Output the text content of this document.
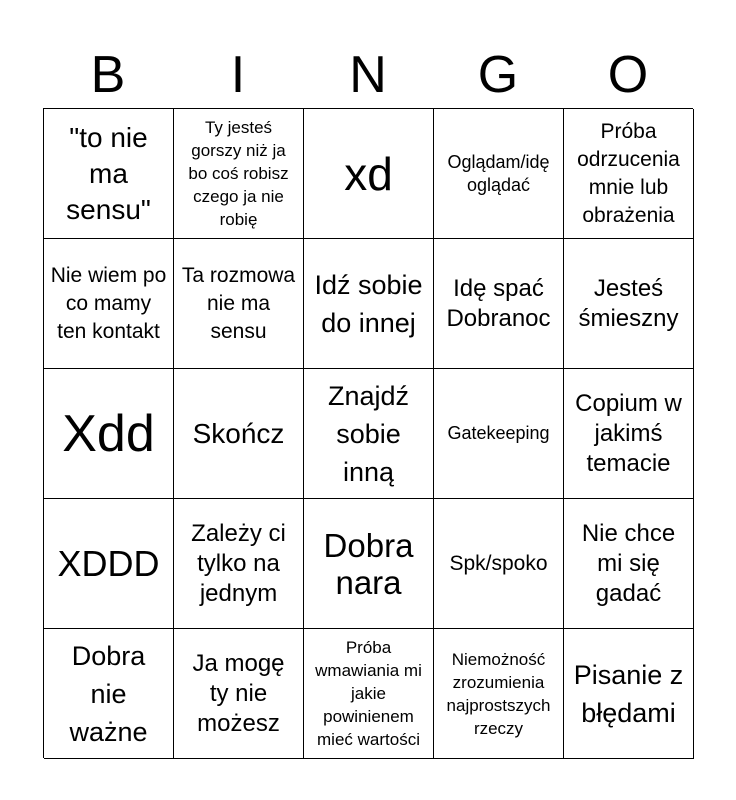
B	I	N	G	O
"to nie ma sensu"
Ty jesteś gorszy niż ja bo coś robisz czego ja nie robię
xd	Oglądam/idę oglądać
Próba odrzucenia mnie lub obrażenia
Nie wiem po co mamy ten kontakt
Ta rozmowa nie ma sensu
Idź sobie do innej
Idę spać Dobranoc
Jesteś śmieszny
Xdd Skończ
Znajdź sobie inną
Gatekeeping
Copium w jakimś temacie
XDDD
Zależy ci tylko na jednym
Dobra nara
Spk/spoko
Nie chce mi się gadać
Dobra nie ważne
Ja mogę ty nie możesz
Próba wmawiania mi jakie powinienem mieć wartości
Niemożność zrozumienia najprostszych rzeczy
Pisanie z błędami
